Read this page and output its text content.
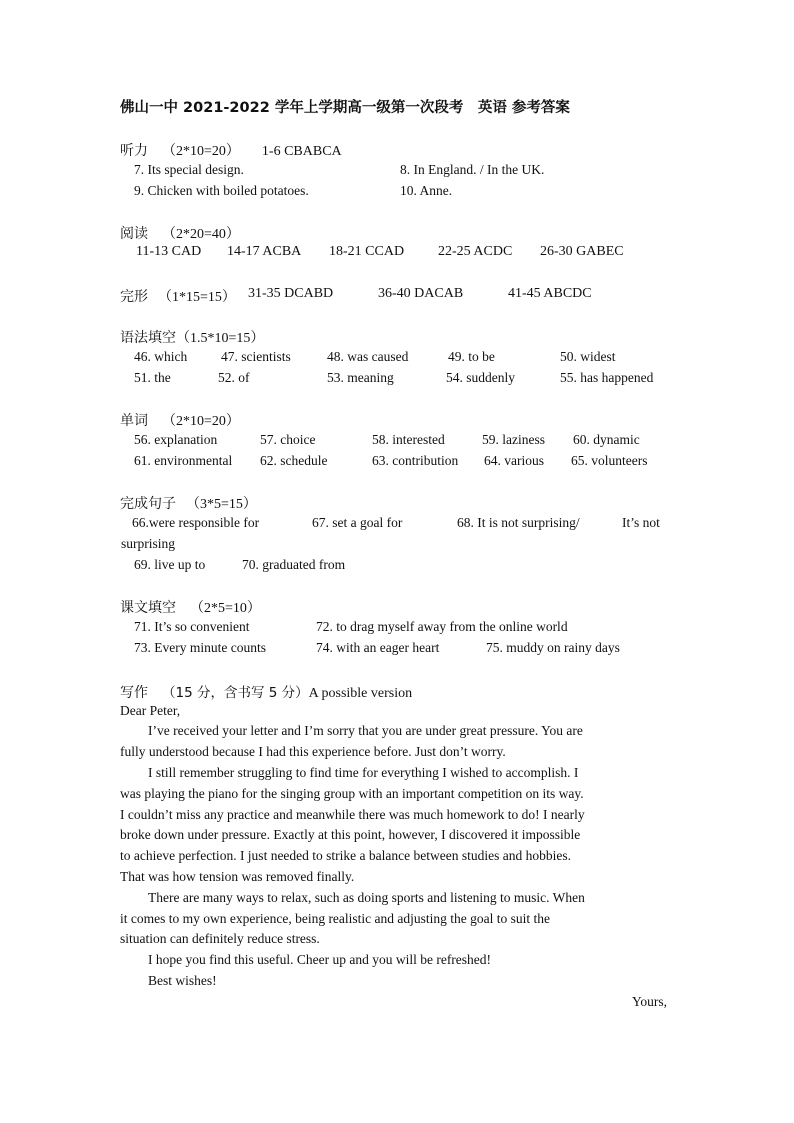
佛山一中 2021-2022 学年上学期高一级第一次段考　英语 参考答案
听力 （2*10=20） 1-6 CBABCA
7. Its special design.	8. In England. / In the UK.
9. Chicken with boiled potatoes.	10. Anne.
阅读 （2*20=40）
11-13 CAD 14-17 ACBA 18-21 CCAD 22-25 ACDC 26-30 GABEC
完形 （1*15=15） 31-35 DCABD	36-40 DACAB	41-45 ABCDC
语法填空（1.5*10=15）
46. which	47. scientists	48. was caused	49. to be	50. widest
51. the	52. of	53. meaning	54. suddenly	55. has happened
单词 （2*10=20）
56. explanation	57. choice	58. interested	59. laziness 60. dynamic
61. environmental 62. schedule	63. contribution 64. various 65. volunteers
完成句子 （3*5=15）
66.were responsible for	67. set a goal for	68. It is not surprising/	It’s not
surprising
69. live up to	70. graduated from
课文填空 （2*5=10）
71. It’s so convenient	72. to drag myself away from the online world
73. Every minute counts	74. with an eager heart	75. muddy on rainy days
写作 （15 分，含书写 5 分）A possible version
Dear Peter,
I’ve received your letter and I’m sorry that you are under great pressure. You are
fully understood because I had this experience before. Just don’t worry.
I still remember struggling to find time for everything I wished to accomplish. I
was playing the piano for the singing group with an important competition on its way.
I couldn’t miss any practice and meanwhile there was much homework to do! I nearly
broke down under pressure. Exactly at this point, however, I discovered it impossible
to achieve perfection. I just needed to strike a balance between studies and hobbies.
That was how tension was removed finally.
There are many ways to relax, such as doing sports and listening to music. When
it comes to my own experience, being realistic and adjusting the goal to suit the
situation can definitely reduce stress.
I hope you find this useful. Cheer up and you will be refreshed!
Best wishes!
Yours,
